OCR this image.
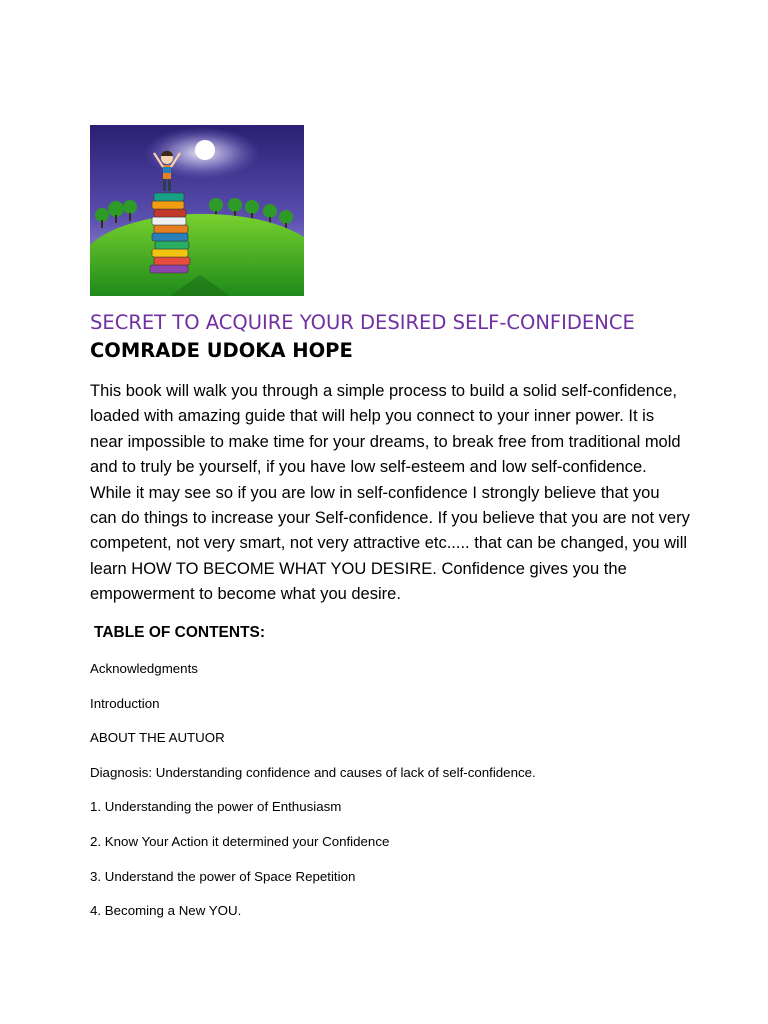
SECRET TO ACQUIRE YOUR DESIRED SELF-CONFIDENCE
COMRADE UDOKA HOPE

This book will walk you through a simple process to build a solid self-confidence, loaded with amazing guide that will help you connect to your inner power. It is near impossible to make time for your dreams, to break free from traditional mold and to truly be yourself, if you have low self-esteem and low self-confidence. While it may see so if you are low in self-confidence I strongly believe that you can do things to increase your Self-confidence. If you believe that you are not very competent, not very smart, not very attractive etc..... that can be changed, you will learn HOW TO BECOME WHAT YOU DESIRE. Confidence gives you the empowerment to become what you desire.

TABLE OF CONTENTS:
Acknowledgments
Introduction
ABOUT THE AUTUOR
Diagnosis: Understanding confidence and causes of lack of self-confidence.
1. Understanding the power of Enthusiasm
2. Know Your Action it determined your Confidence
3. Understand the power of Space Repetition
4. Becoming a New YOU.
